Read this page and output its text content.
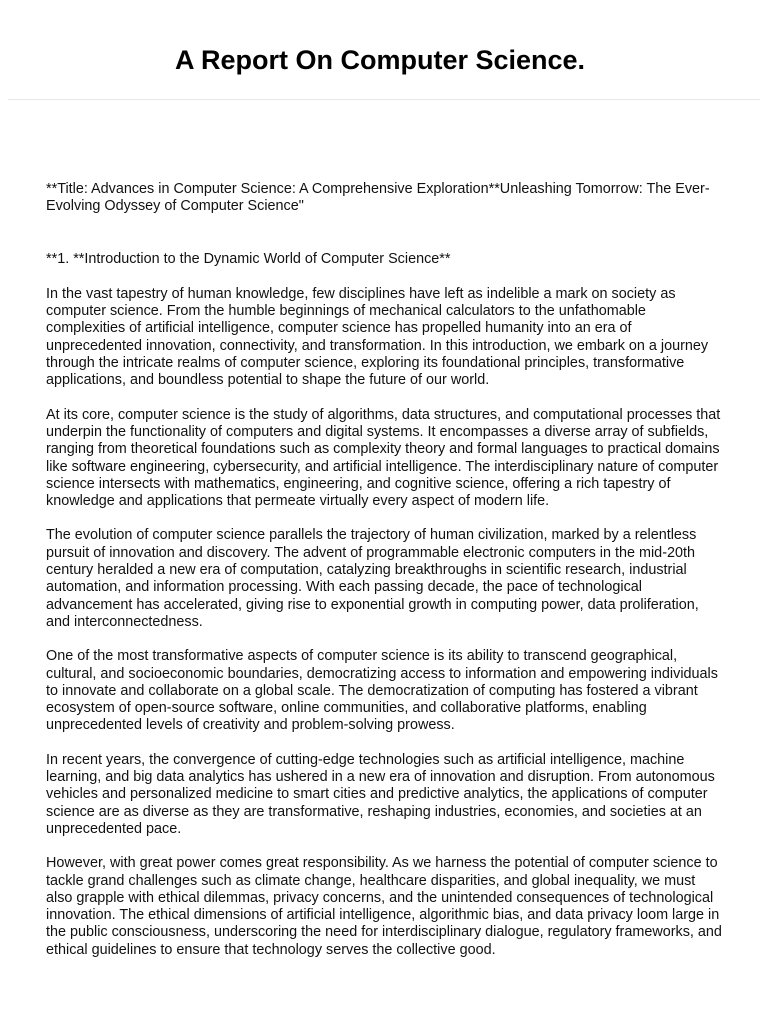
A Report On Computer Science.

**Title: Advances in Computer Science: A Comprehensive Exploration**Unleashing Tomorrow: The Ever-Evolving Odyssey of Computer Science"

**1. **Introduction to the Dynamic World of Computer Science**

In the vast tapestry of human knowledge, few disciplines have left as indelible a mark on society as computer science. From the humble beginnings of mechanical calculators to the unfathomable complexities of artificial intelligence, computer science has propelled humanity into an era of unprecedented innovation, connectivity, and transformation. In this introduction, we embark on a journey through the intricate realms of computer science, exploring its foundational principles, transformative applications, and boundless potential to shape the future of our world.

At its core, computer science is the study of algorithms, data structures, and computational processes that underpin the functionality of computers and digital systems. It encompasses a diverse array of subfields, ranging from theoretical foundations such as complexity theory and formal languages to practical domains like software engineering, cybersecurity, and artificial intelligence. The interdisciplinary nature of computer science intersects with mathematics, engineering, and cognitive science, offering a rich tapestry of knowledge and applications that permeate virtually every aspect of modern life.

The evolution of computer science parallels the trajectory of human civilization, marked by a relentless pursuit of innovation and discovery. The advent of programmable electronic computers in the mid-20th century heralded a new era of computation, catalyzing breakthroughs in scientific research, industrial automation, and information processing. With each passing decade, the pace of technological advancement has accelerated, giving rise to exponential growth in computing power, data proliferation, and interconnectedness.

One of the most transformative aspects of computer science is its ability to transcend geographical, cultural, and socioeconomic boundaries, democratizing access to information and empowering individuals to innovate and collaborate on a global scale. The democratization of computing has fostered a vibrant ecosystem of open-source software, online communities, and collaborative platforms, enabling unprecedented levels of creativity and problem-solving prowess.

In recent years, the convergence of cutting-edge technologies such as artificial intelligence, machine learning, and big data analytics has ushered in a new era of innovation and disruption. From autonomous vehicles and personalized medicine to smart cities and predictive analytics, the applications of computer science are as diverse as they are transformative, reshaping industries, economies, and societies at an unprecedented pace.

However, with great power comes great responsibility. As we harness the potential of computer science to tackle grand challenges such as climate change, healthcare disparities, and global inequality, we must also grapple with ethical dilemmas, privacy concerns, and the unintended consequences of technological innovation. The ethical dimensions of artificial intelligence, algorithmic bias, and data privacy loom large in the public consciousness, underscoring the need for interdisciplinary dialogue, regulatory frameworks, and ethical guidelines to ensure that technology serves the collective good.
